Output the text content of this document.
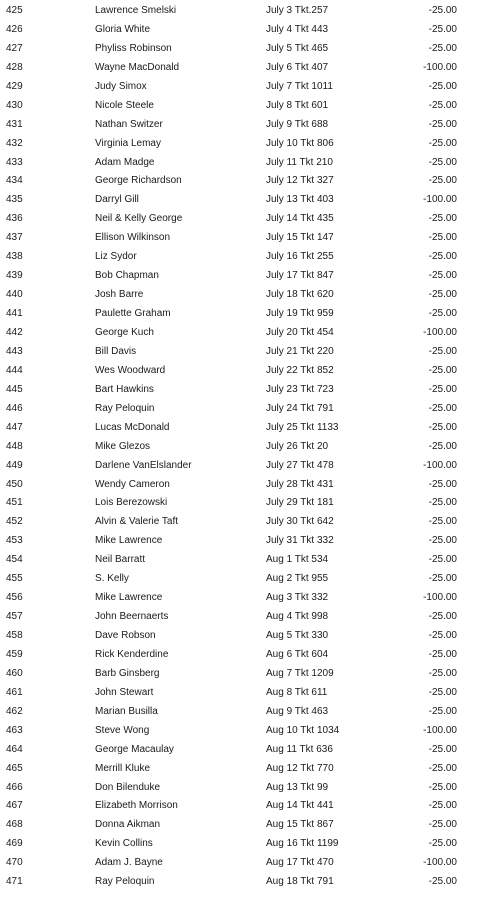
425	Lawrence Smelski	July 3 Tkt.257	-25.00
426	Gloria White	July 4 Tkt 443	-25.00
427	Phyliss Robinson	July 5 Tkt 465	-25.00
428	Wayne MacDonald	July 6 Tkt 407	-100.00
429	Judy Simox	July 7 Tkt 1011	-25.00
430	Nicole Steele	July 8 Tkt 601	-25.00
431	Nathan Switzer	July 9 Tkt 688	-25.00
432	Virginia Lemay	July 10 Tkt 806	-25.00
433	Adam Madge	July 11 Tkt 210	-25.00
434	George Richardson	July 12 Tkt 327	-25.00
435	Darryl Gill	July 13 Tkt 403	-100.00
436	Neil & Kelly George	July 14 Tkt 435	-25.00
437	Ellison Wilkinson	July 15 Tkt 147	-25.00
438	Liz Sydor	July 16 Tkt 255	-25.00
439	Bob Chapman	July 17 Tkt 847	-25.00
440	Josh Barre	July 18 Tkt 620	-25.00
441	Paulette Graham	July 19 Tkt 959	-25.00
442	George Kuch	July 20 Tkt 454	-100.00
443	Bill Davis	July 21 Tkt 220	-25.00
444	Wes Woodward	July 22 Tkt 852	-25.00
445	Bart Hawkins	July 23 Tkt 723	-25.00
446	Ray Peloquin	July 24 Tkt 791	-25.00
447	Lucas McDonald	July 25 Tkt 1133	-25.00
448	Mike Glezos	July 26 Tkt 20	-25.00
449	Darlene VanElslander	July 27 Tkt 478	-100.00
450	Wendy Cameron	July 28 Tkt 431	-25.00
451	Lois Berezowski	July 29 Tkt 181	-25.00
452	Alvin & Valerie Taft	July 30 Tkt 642	-25.00
453	Mike Lawrence	July 31 Tkt 332	-25.00
454	Neil Barratt	Aug 1 Tkt 534	-25.00
455	S. Kelly	Aug 2 Tkt 955	-25.00
456	Mike Lawrence	Aug 3 Tkt 332	-100.00
457	John Beernaerts	Aug 4 Tkt 998	-25.00
458	Dave Robson	Aug 5 Tkt 330	-25.00
459	Rick Kenderdine	Aug 6 Tkt 604	-25.00
460	Barb Ginsberg	Aug 7 Tkt 1209	-25.00
461	John Stewart	Aug 8 Tkt 611	-25.00
462	Marian Busilla	Aug 9 Tkt 463	-25.00
463	Steve Wong	Aug 10 Tkt 1034	-100.00
464	George Macaulay	Aug 11 Tkt 636	-25.00
465	Merrill Kluke	Aug 12 Tkt 770	-25.00
466	Don Bilenduke	Aug 13 Tkt 99	-25.00
467	Elizabeth Morrison	Aug 14 Tkt 441	-25.00
468	Donna Aikman	Aug 15 Tkt 867	-25.00
469	Kevin Collins	Aug 16 Tkt 1199	-25.00
470	Adam J. Bayne	Aug 17 Tkt 470	-100.00
471	Ray Peloquin	Aug 18 Tkt 791	-25.00
